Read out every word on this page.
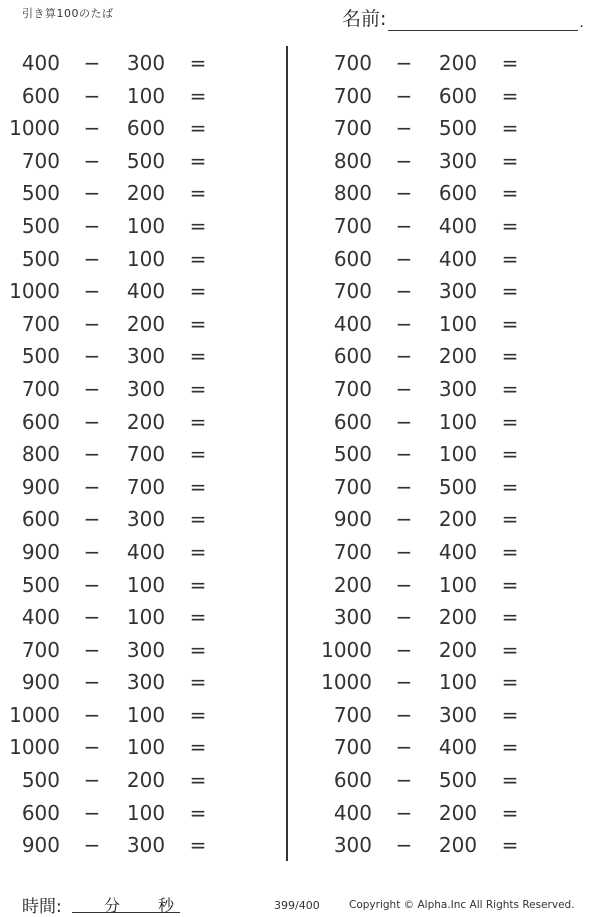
引き算100のたば	名前:	.
400 − 300 =
600 − 100 =
1000 − 600 =
700 − 500 =
500 − 200 =
500 − 100 =
500 − 100 =
1000 − 400 =
700 − 200 =
500 − 300 =
700 − 300 =
600 − 200 =
800 − 700 =
900 − 700 =
600 − 300 =
900 − 400 =
500 − 100 =
400 − 100 =
700 − 300 =
900 − 300 =
1000 − 100 =
1000 − 100 =
500 − 200 =
600 − 100 =
900 − 300 =
700 − 200 =
700 − 600 =
700 − 500 =
800 − 300 =
800 − 600 =
700 − 400 =
600 − 400 =
700 − 300 =
400 − 100 =
600 − 200 =
700 − 300 =
600 − 100 =
500 − 100 =
700 − 500 =
900 − 200 =
700 − 400 =
200 − 100 =
300 − 200 =
1000 − 200 =
1000 − 100 =
700 − 300 =
700 − 400 =
600 − 500 =
400 − 200 =
300 − 200 =
時間:	分 秒	399/400	Copyright © Alpha.Inc All Rights Reserved.
